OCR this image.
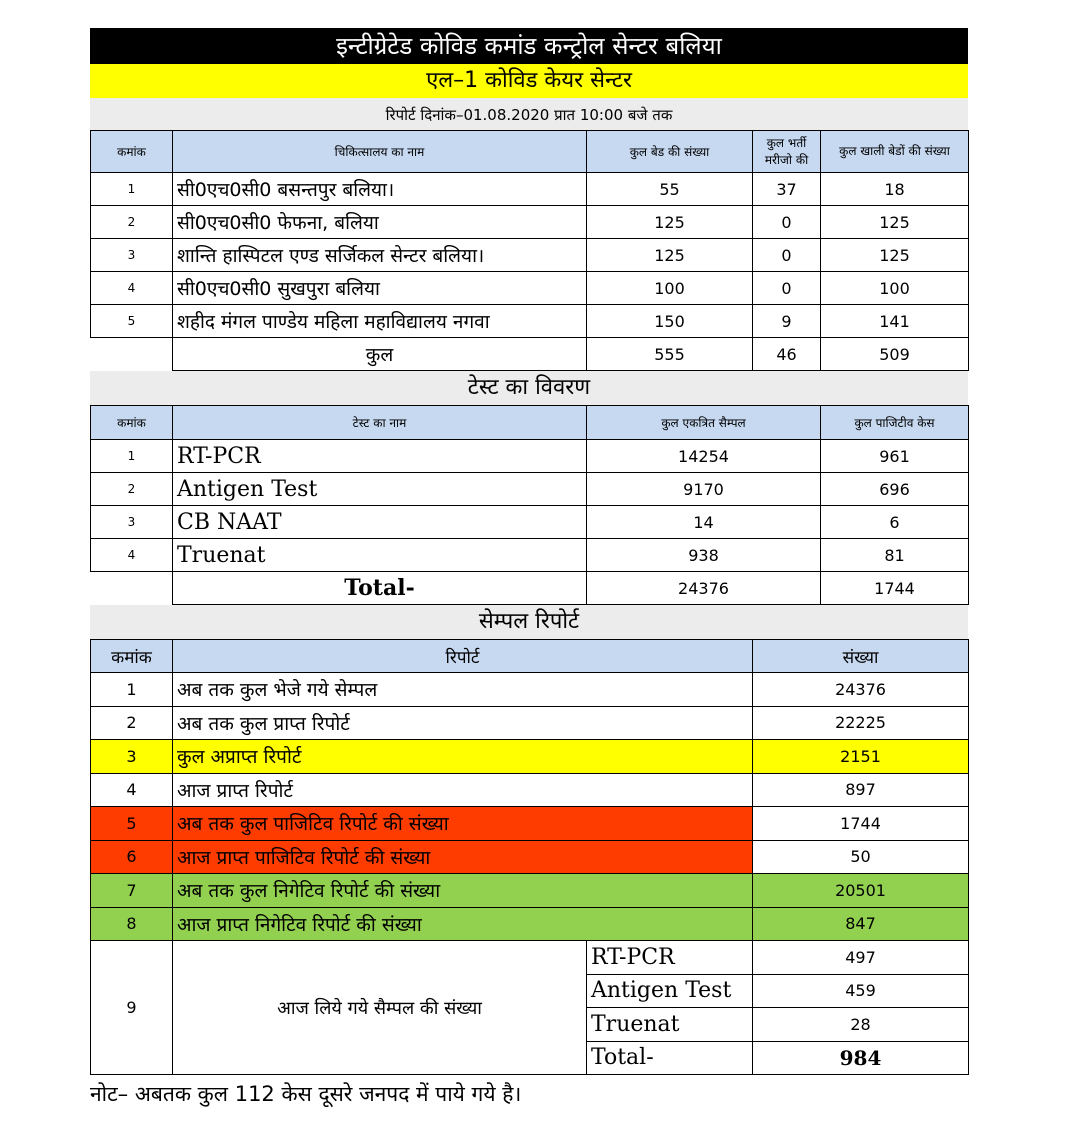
इन्टीग्रेटेड कोविड कमांड कन्ट्रोल सेन्टर बलिया
एल–1 कोविड केयर सेन्टर
रिपोर्ट दिनांक–01.08.2020 प्रात 10:00 बजे तक
कमांक	चिकित्सालय का नाम	कुल बेड की संख्या	कुल भर्ती मरीजो की	कुल खाली बेडों की संख्या
1	सी0एच0सी0 बसन्तपुर बलिया।	55	37	18
2	सी0एच0सी0 फेफना, बलिया	125	0	125
3	शान्ति हास्पिटल एण्ड सर्जिकल सेन्टर बलिया।	125	0	125
4	सी0एच0सी0 सुखपुरा बलिया	100	0	100
5	शहीद मंगल पाण्डेय महिला महाविद्यालय नगवा	150	9	141
	कुल	555	46	509
टेस्ट का विवरण
कमांक	टेस्ट का नाम	कुल एकत्रित सैम्पल	कुल पाजिटीव केस
1	RT-PCR	14254	961
2	Antigen Test	9170	696
3	CB NAAT	14	6
4	Truenat	938	81
	Total-	24376	1744
सेम्पल रिपोर्ट
कमांक	रिपोर्ट		संख्या
1	अब तक कुल भेजे गये सेम्पल		24376
2	अब तक कुल प्राप्त रिपोर्ट		22225
3	कुल अप्राप्त रिपोर्ट		2151
4	आज प्राप्त रिपोर्ट		897
5	अब तक कुल पाजिटिव रिपोर्ट की संख्या		1744
6	आज प्राप्त पाजिटिव रिपोर्ट की संख्या		50
7	अब तक कुल निगेटिव रिपोर्ट की संख्या		20501
8	आज प्राप्त निगेटिव रिपोर्ट की संख्या		847
9	आज लिये गये सैम्पल की संख्या	RT-PCR	497
		Antigen Test	459
		Truenat	28
		Total-	984
नोट– अबतक कुल 112 केस दूसरे जनपद में पाये गये है।
